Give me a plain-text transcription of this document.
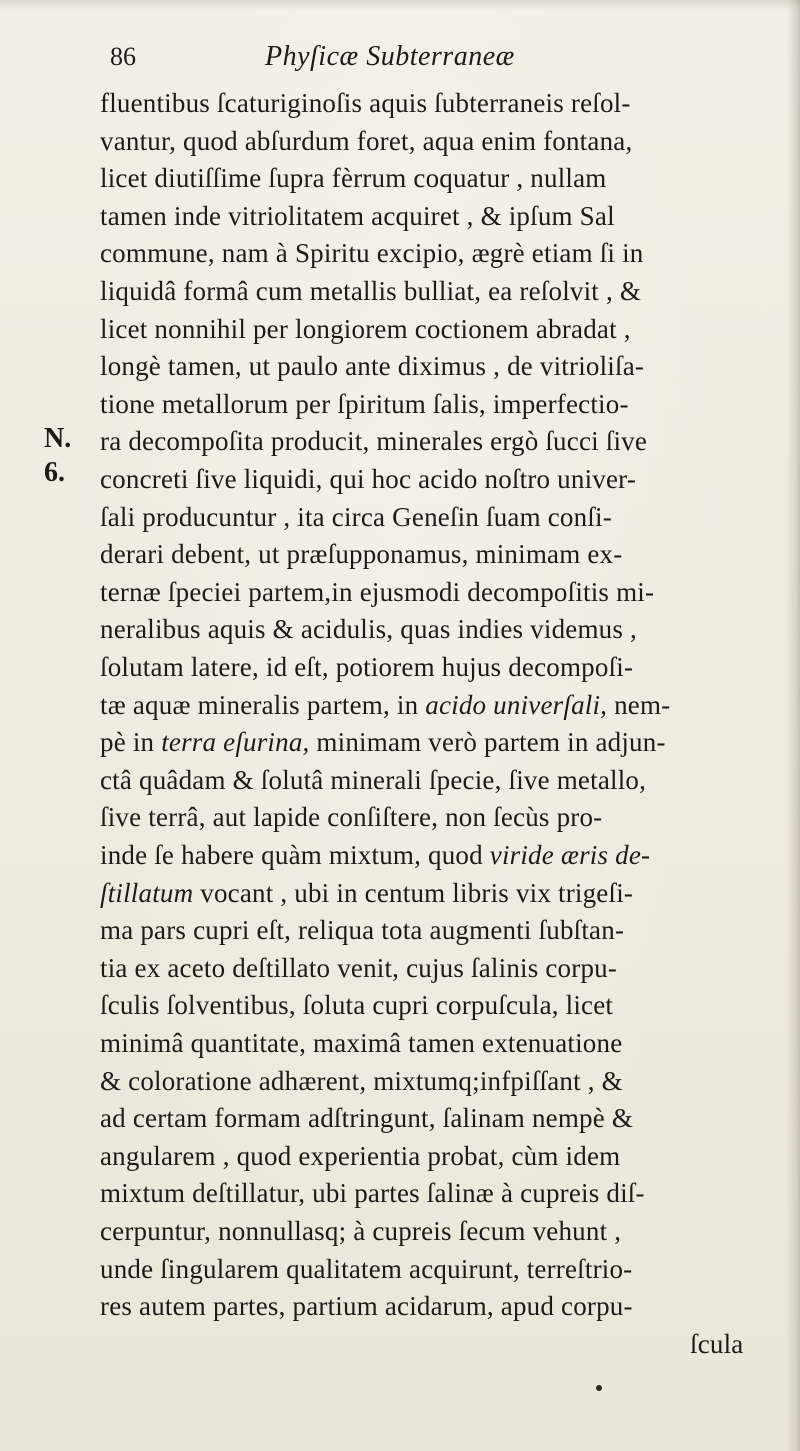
86	Phyſicæ Subterraneæ
N.
6.
fluentibus ſcaturiginoſis aquis ſubterraneis reſol-
vantur, quod abſurdum foret, aqua enim fontana,
licet diutiſſime ſupra fèrrum coquatur , nullam
tamen inde vitriolitatem acquiret , & ipſum Sal
commune, nam à Spiritu excipio, ægrè etiam ſi in
liquidâ formâ cum metallis bulliat, ea reſolvit , &
licet nonnihil per longiorem coctionem abradat ,
longè tamen, ut paulo ante diximus , de vitrioliſa-
tione metallorum per ſpiritum ſalis, imperfectio-
ra decompoſita producit, minerales ergò ſucci ſive
concreti ſive liquidi, qui hoc acido noſtro univer-
ſali producuntur , ita circa Geneſin ſuam conſi-
derari debent, ut præſupponamus, minimam ex-
ternæ ſpeciei partem,in ejusmodi decompoſitis mi-
neralibus aquis & acidulis, quas indies videmus ,
ſolutam latere, id eſt, potiorem hujus decompoſi-
tæ aquæ mineralis partem, in acido univerſali, nem-
pè in terra eſurina, minimam verò partem in adjun-
ctâ quâdam & ſolutâ minerali ſpecie, ſive metallo,
ſive terrâ, aut lapide conſiſtere, non ſecùs pro-
inde ſe habere quàm mixtum, quod viride æris de-
ſtillatum vocant , ubi in centum libris vix trigeſi-
ma pars cupri eſt, reliqua tota augmenti ſubſtan-
tia ex aceto deſtillato venit, cujus ſalinis corpu-
ſculis ſolventibus, ſoluta cupri corpuſcula, licet
minimâ quantitate, maximâ tamen extenuatione
& coloratione adhærent, mixtumq;infpiſſant , &
ad certam formam adſtringunt, ſalinam nempè &
angularem , quod experientia probat, cùm idem
mixtum deſtillatur, ubi partes ſalinæ à cupreis diſ-
cerpuntur, nonnullasq; à cupreis ſecum vehunt ,
unde ſingularem qualitatem acquirunt, terreſtrio-
res autem partes, partium acidarum, apud corpu-
ſcula
